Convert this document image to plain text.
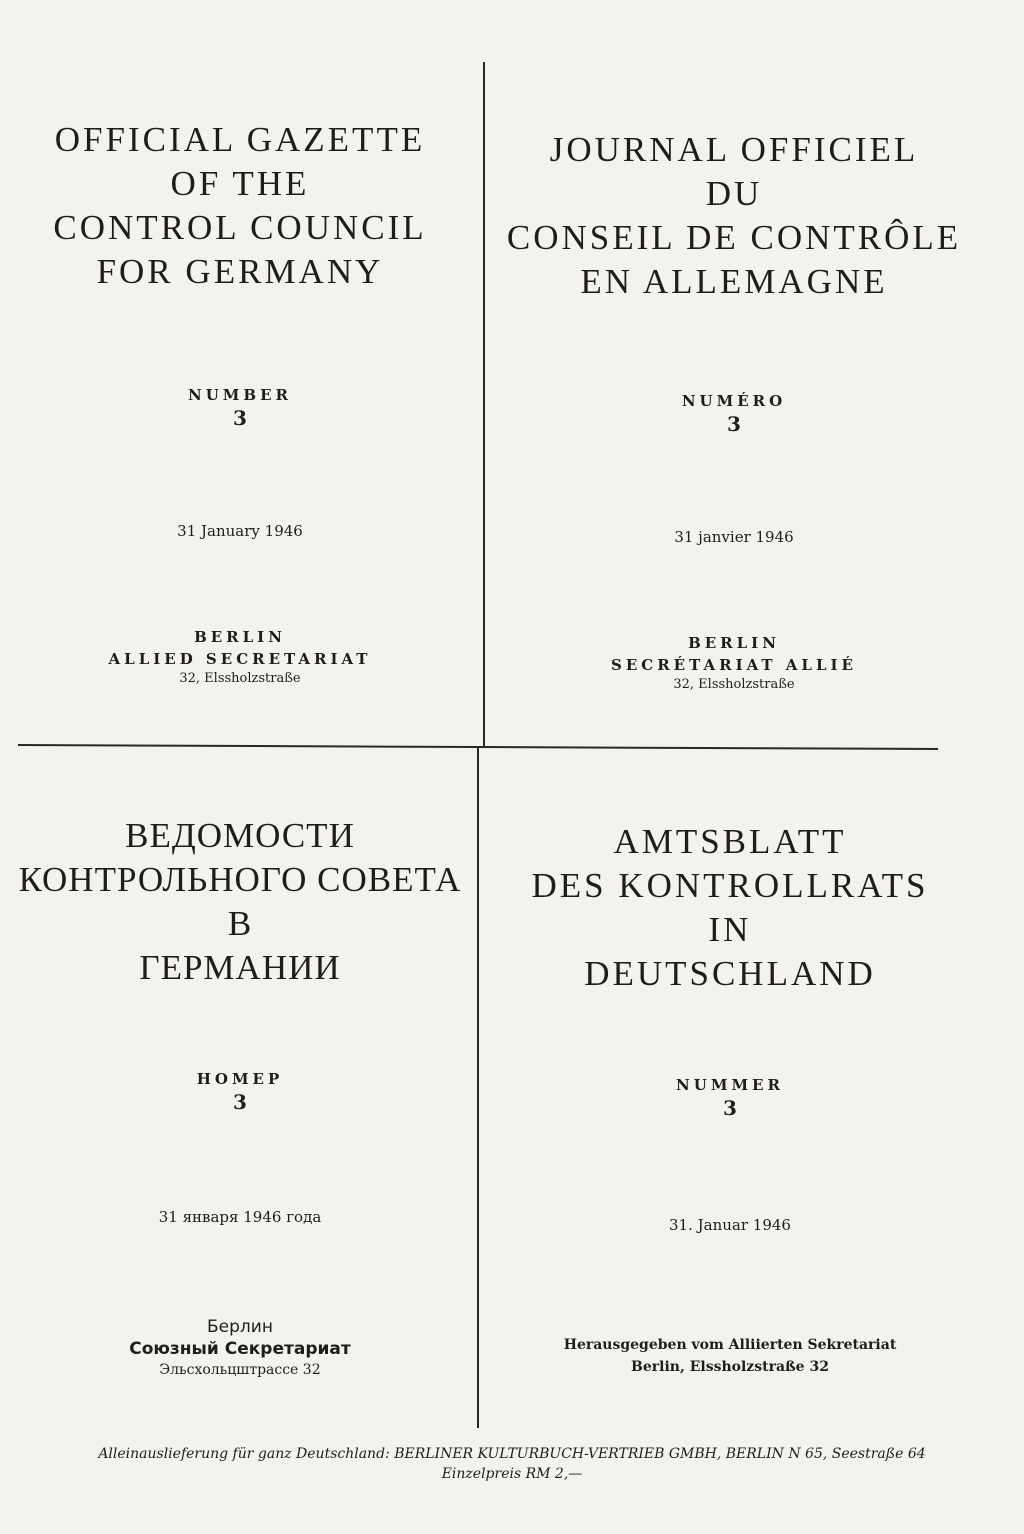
OFFICIAL GAZETTE
OF THE
CONTROL COUNCIL
FOR GERMANY
NUMBER
3
31 January 1946
BERLIN
ALLIED SECRETARIAT
32, Elssholzstraße
JOURNAL OFFICIEL
DU
CONSEIL DE CONTRÔLE
EN ALLEMAGNE
NUMÉRO
3
31 janvier 1946
BERLIN
SECRÉTARIAT ALLIÉ
32, Elssholzstraße
ВЕДОМОСТИ
КОНТРОЛЬНОГО СОВЕТА
В
ГЕРМАНИИ
НОМЕР
3
31 января 1946 года
Берлин
Союзный Секретариат
Эльсхольцштрассе 32
AMTSBLATT
DES KONTROLLRATS
IN
DEUTSCHLAND
NUMMER
3
31. Januar 1946
Herausgegeben vom Alliierten Sekretariat
Berlin, Elssholzstraße 32
Alleinauslieferung für ganz Deutschland: BERLINER KULTURBUCH-VERTRIEB GMBH, BERLIN N 65, Seestraße 64
Einzelpreis RM 2,—
